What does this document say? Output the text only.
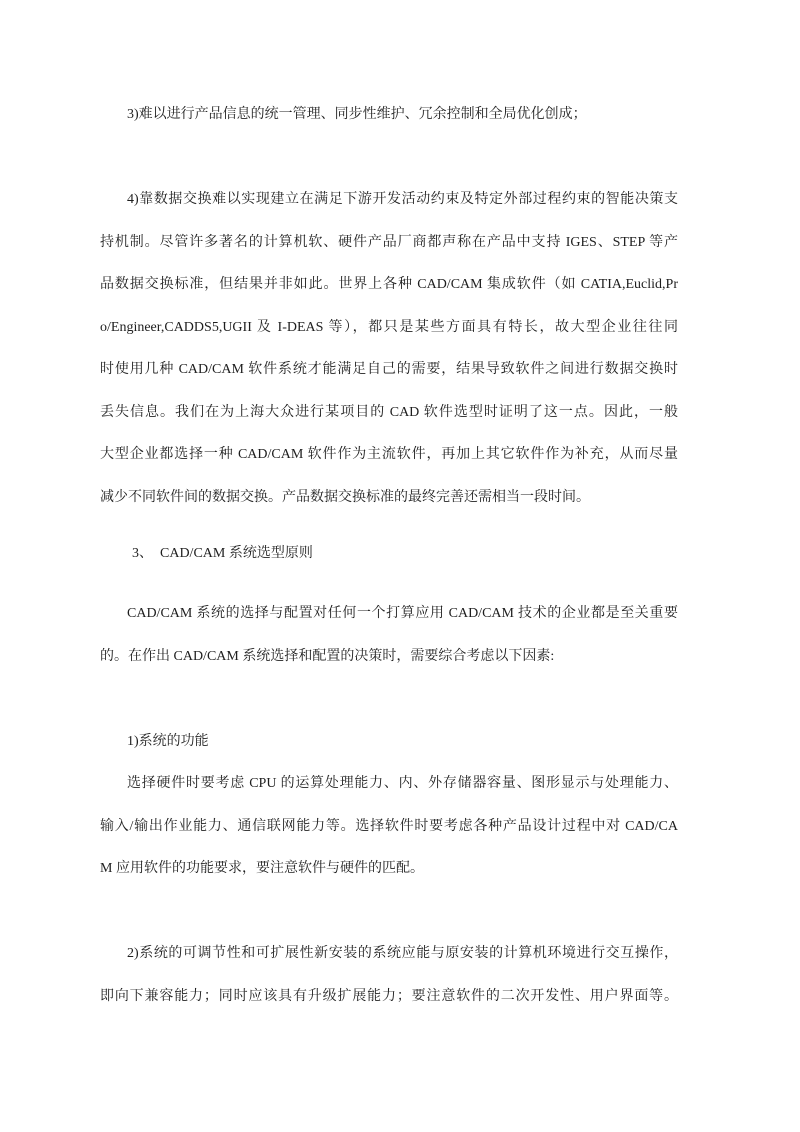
3)难以进行产品信息的统一管理、同步性维护、冗余控制和全局优化创成；
4)靠数据交换难以实现建立在满足下游开发活动约束及特定外部过程约束的智能决策支
持机制。尽管许多著名的计算机软、硬件产品厂商都声称在产品中支持 IGES、STEP 等产
品数据交换标准，但结果并非如此。世界上各种 CAD/CAM 集成软件（如 CATIA,Euclid,Pr
o/Engineer,CADDS5,UGII 及 I-DEAS 等），都只是某些方面具有特长，故大型企业往往同
时使用几种 CAD/CAM 软件系统才能满足自己的需要，结果导致软件之间进行数据交换时
丢失信息。我们在为上海大众进行某项目的 CAD 软件选型时证明了这一点。因此，一般
大型企业都选择一种 CAD/CAM 软件作为主流软件，再加上其它软件作为补充，从而尽量
减少不同软件间的数据交换。产品数据交换标准的最终完善还需相当一段时间。
3、　CAD/CAM 系统选型原则
CAD/CAM 系统的选择与配置对任何一个打算应用 CAD/CAM 技术的企业都是至关重要
的。在作出 CAD/CAM 系统选择和配置的决策时，需要综合考虑以下因素:
1)系统的功能
选择硬件时要考虑 CPU 的运算处理能力、内、外存储器容量、图形显示与处理能力、
输入/输出作业能力、通信联网能力等。选择软件时要考虑各种产品设计过程中对 CAD/CA
M 应用软件的功能要求，要注意软件与硬件的匹配。
2)系统的可调节性和可扩展性新安装的系统应能与原安装的计算机环境进行交互操作，
即向下兼容能力；同时应该具有升级扩展能力；要注意软件的二次开发性、用户界面等。
